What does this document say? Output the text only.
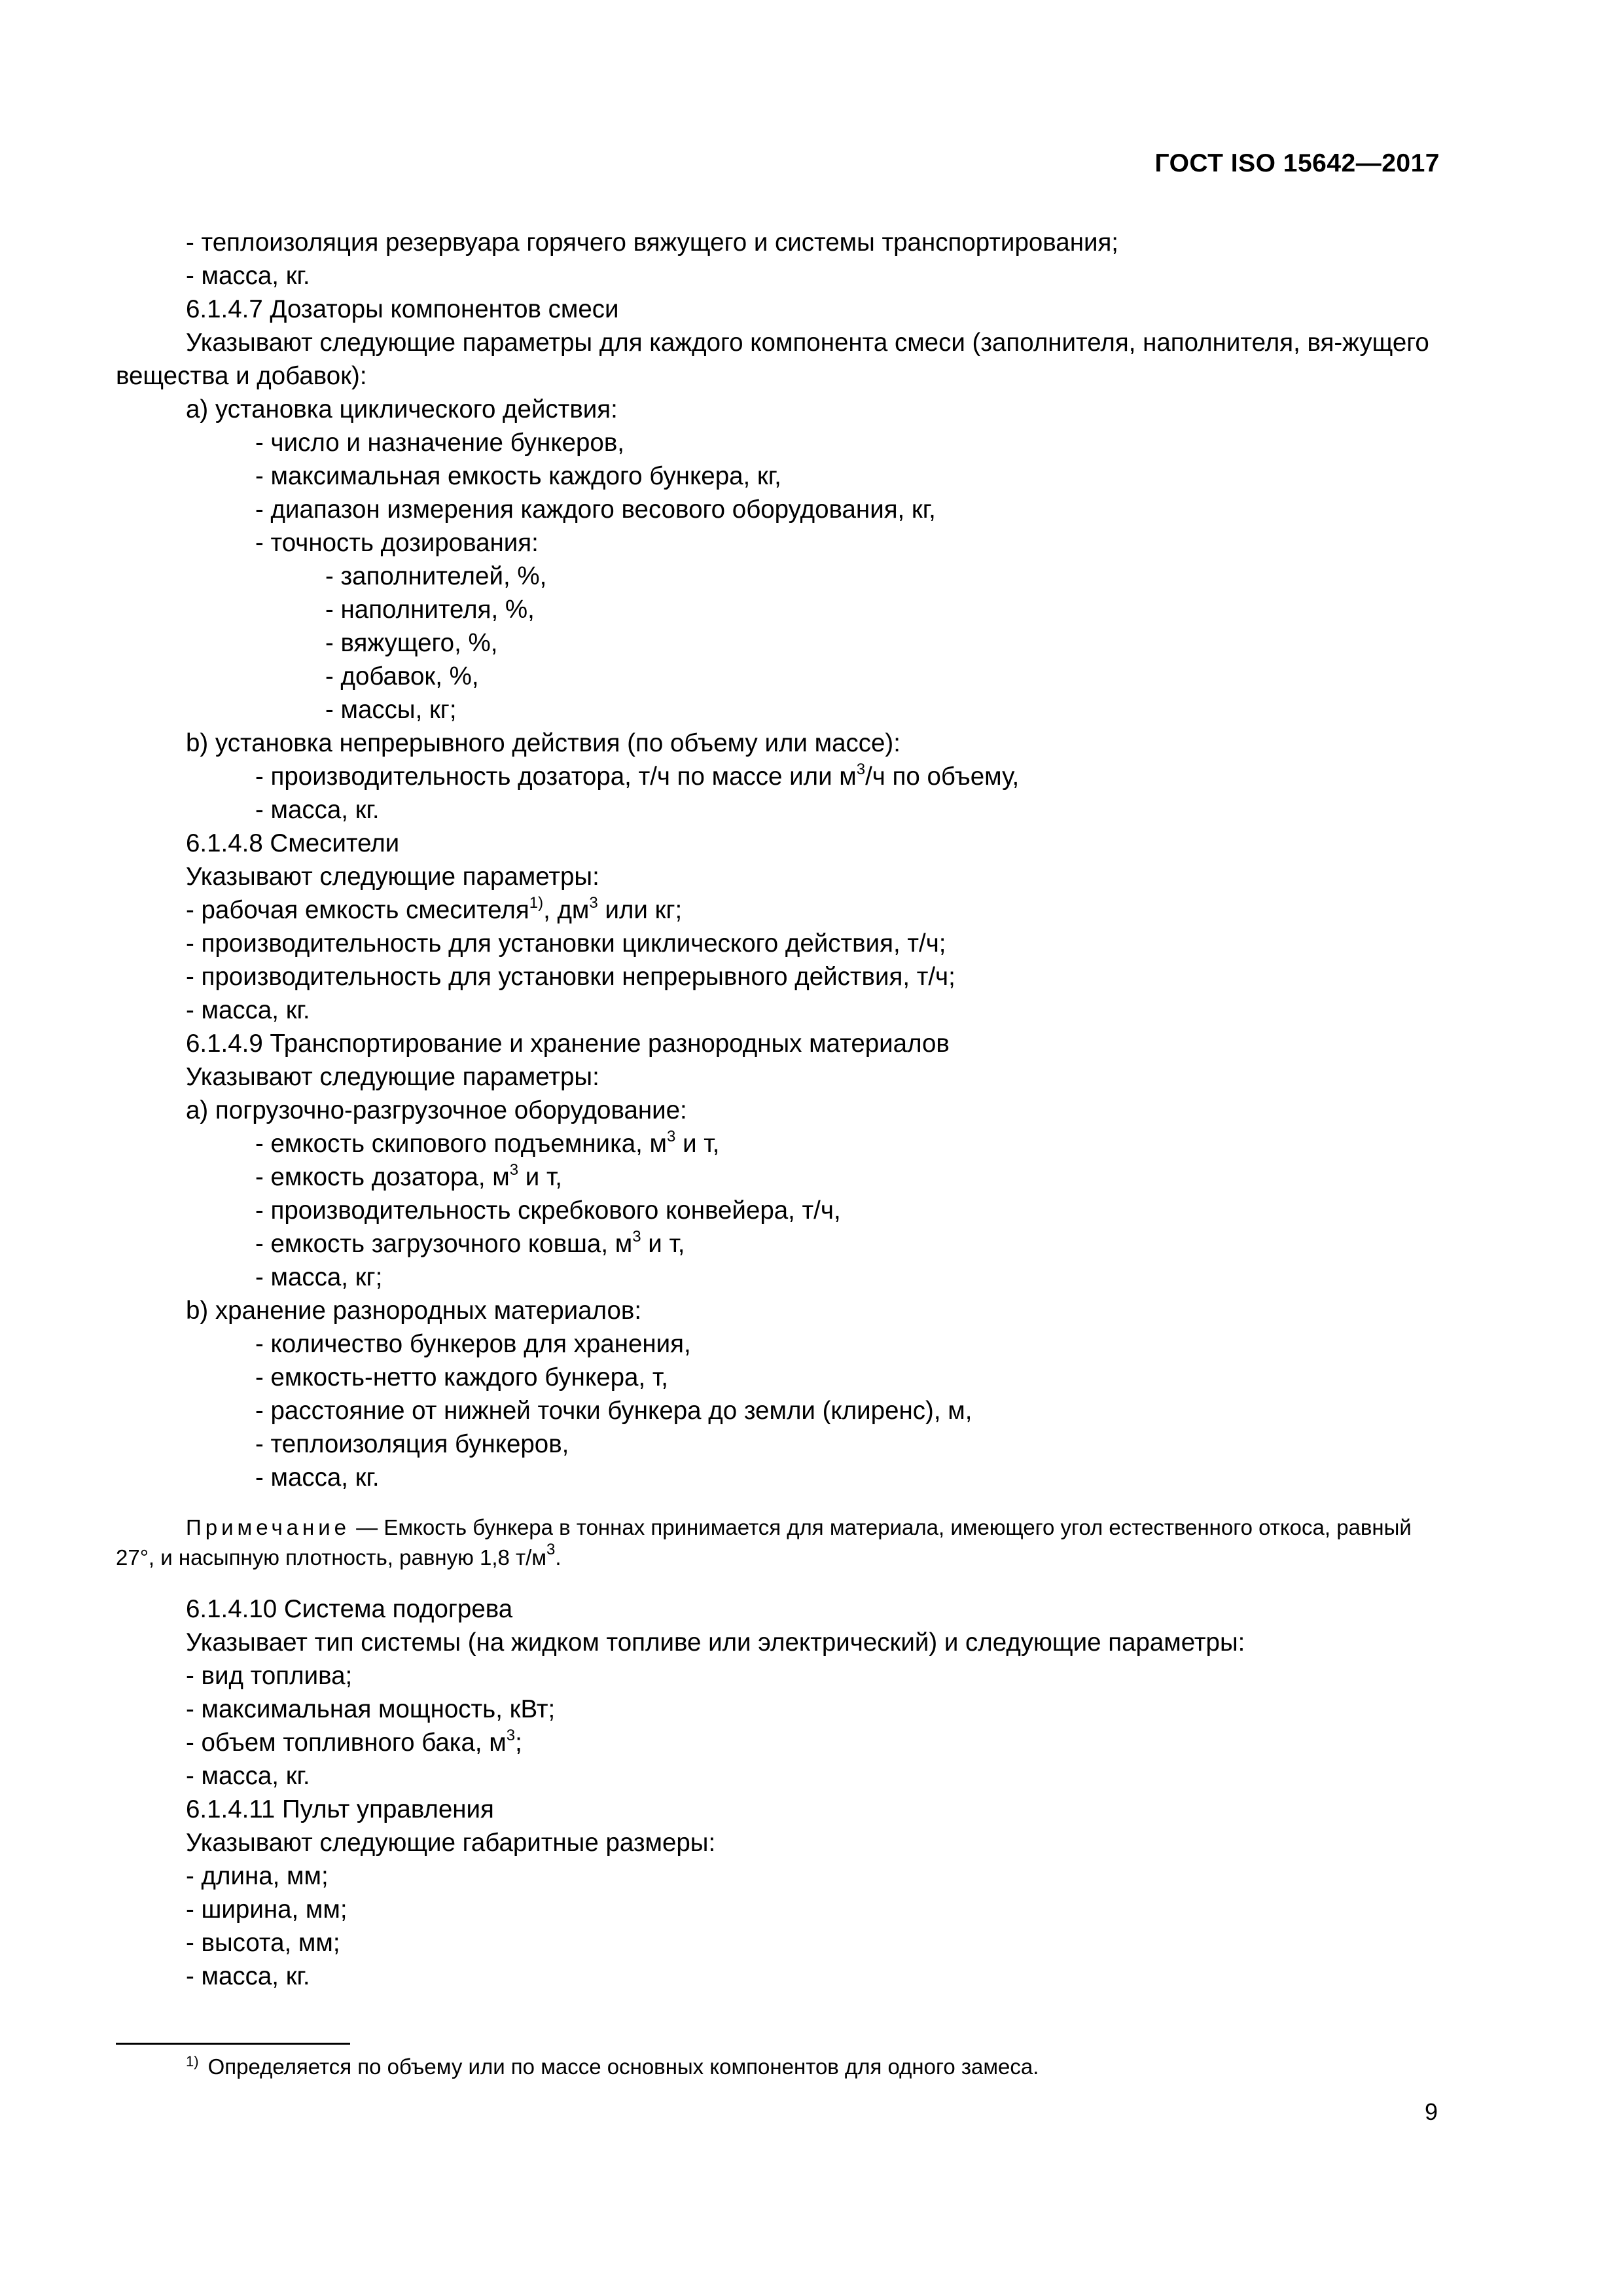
ГОСТ ISO 15642—2017
- теплоизоляция резервуара горячего вяжущего и системы транспортирования;
- масса, кг.
6.1.4.7 Дозаторы компонентов смеси
Указывают следующие параметры для каждого компонента смеси (заполнителя, наполнителя, вя-жущего вещества и добавок):
а) установка циклического действия:
- число и назначение бункеров,
- максимальная емкость каждого бункера, кг,
- диапазон измерения каждого весового оборудования, кг,
- точность дозирования:
- заполнителей, %,
- наполнителя, %,
- вяжущего, %,
- добавок, %,
- массы, кг;
b) установка непрерывного действия (по объему или массе):
- производительность дозатора, т/ч по массе или $м^3/ч$ по объему,
- масса, кг.
6.1.4.8 Смесители
Указывают следующие параметры:
- рабочая емкость смесителя$^{1)}$, $дм^3$ или кг;
- производительность для установки циклического действия, т/ч;
- производительность для установки непрерывного действия, т/ч;
- масса, кг.
6.1.4.9 Транспортирование и хранение разнородных материалов
Указывают следующие параметры:
а) погрузочно-разгрузочное оборудование:
- емкость скипового подъемника, $м^3$ и т,
- емкость дозатора, $м^3$ и т,
- производительность скребкового конвейера, т/ч,
- емкость загрузочного ковша, $м^3$ и т,
- масса, кг;
b) хранение разнородных материалов:
- количество бункеров для хранения,
- емкость-нетто каждого бункера, т,
- расстояние от нижней точки бункера до земли (клиренс), м,
- теплоизоляция бункеров,
- масса, кг.
Примечание — Емкость бункера в тоннах принимается для материала, имеющего угол естественного откоса, равный 27°, и насыпную плотность, равную 1,8 $т/м^3$.
6.1.4.10 Система подогрева
Указывает тип системы (на жидком топливе или электрический) и следующие параметры:
- вид топлива;
- максимальная мощность, кВт;
- объем топливного бака, $м^3$;
- масса, кг.
6.1.4.11 Пульт управления
Указывают следующие габаритные размеры:
- длина, мм;
- ширина, мм;
- высота, мм;
- масса, кг.
$^{1)}$ Определяется по объему или по массе основных компонентов для одного замеса.
9
